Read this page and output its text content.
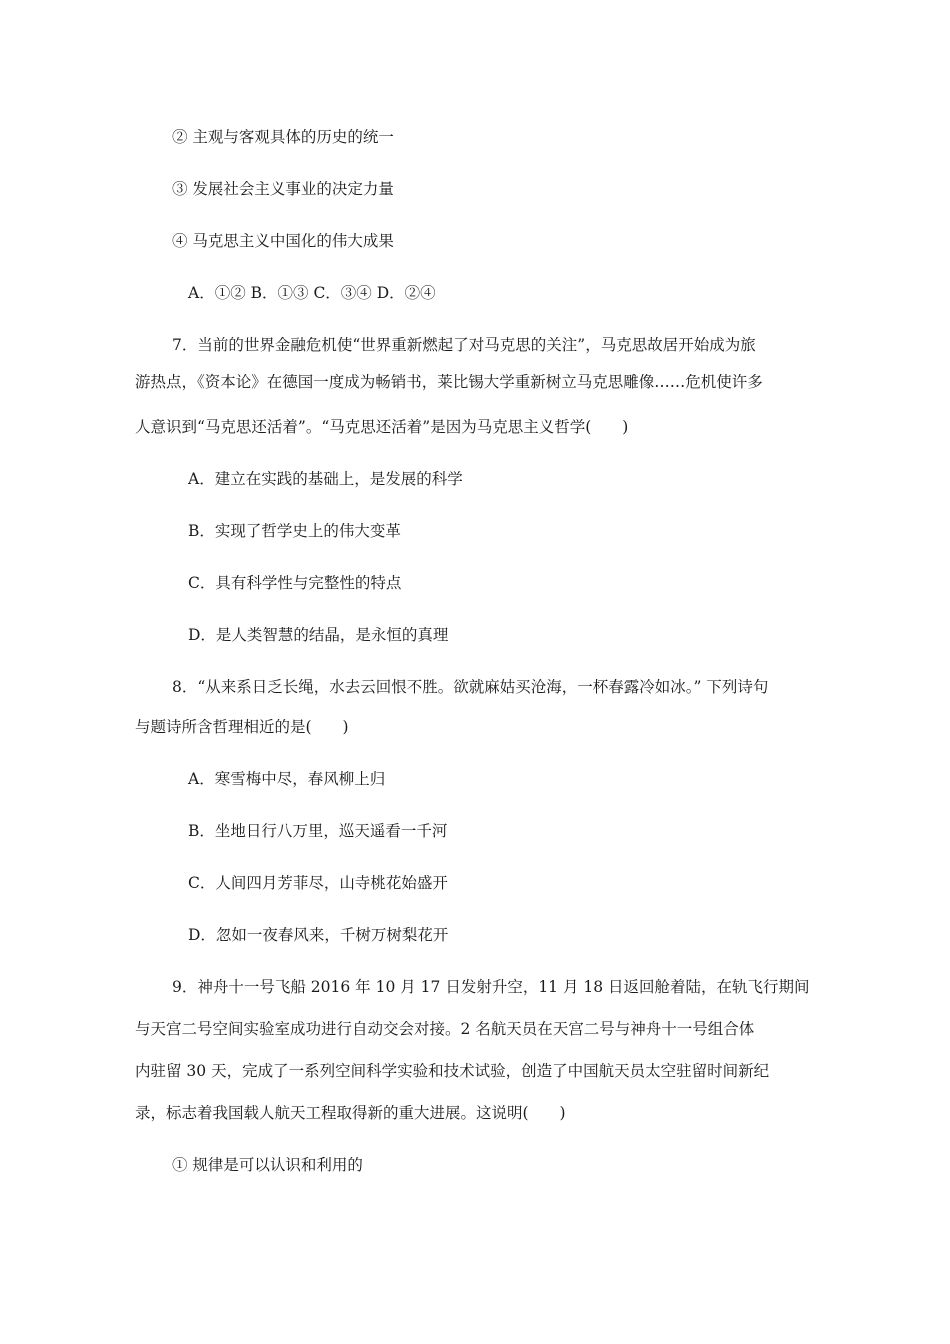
② 主观与客观具体的历史的统一
③ 发展社会主义事业的决定力量
④ 马克思主义中国化的伟大成果
A．①② B．①③ C．③④ D．②④
7．当前的世界金融危机使“世界重新燃起了对马克思的关注”，马克思故居开始成为旅
游热点，《资本论》在德国一度成为畅销书，莱比锡大学重新树立马克思雕像……危机使许多
人意识到“马克思还活着”。“马克思还活着”是因为马克思主义哲学(　　)
A．建立在实践的基础上，是发展的科学
B．实现了哲学史上的伟大变革
C．具有科学性与完整性的特点
D．是人类智慧的结晶，是永恒的真理
8．“从来系日乏长绳，水去云回恨不胜。欲就麻姑买沧海，一杯春露冷如冰。” 下列诗句
与题诗所含哲理相近的是(　　)
A．寒雪梅中尽，春风柳上归
B．坐地日行八万里，巡天遥看一千河
C．人间四月芳菲尽，山寺桃花始盛开
D．忽如一夜春风来，千树万树梨花开
9．神舟十一号飞船 2016 年 10 月 17 日发射升空，11 月 18 日返回舱着陆，在轨飞行期间
与天宫二号空间实验室成功进行自动交会对接。2 名航天员在天宫二号与神舟十一号组合体
内驻留 30 天，完成了一系列空间科学实验和技术试验，创造了中国航天员太空驻留时间新纪
录，标志着我国载人航天工程取得新的重大进展。这说明(　　)
① 规律是可以认识和利用的
